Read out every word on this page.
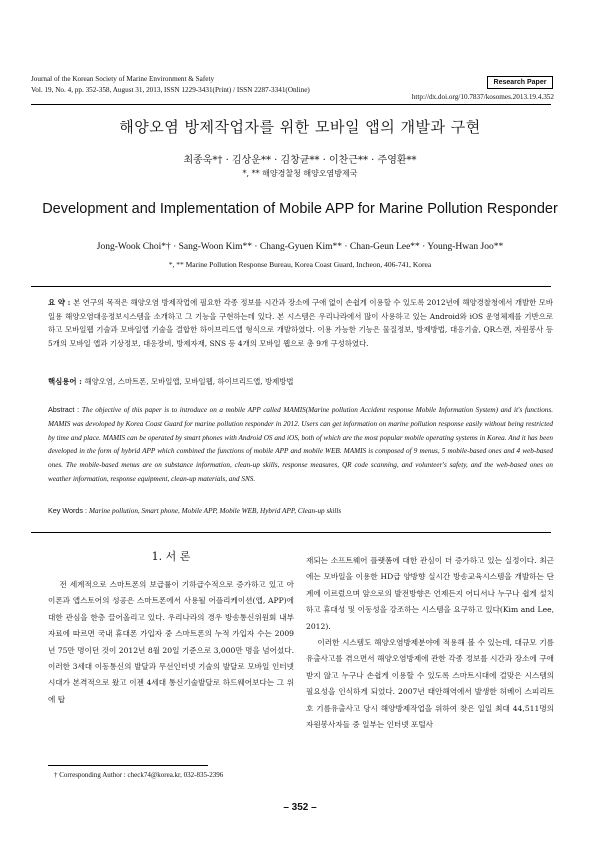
Journal of the Korean Society of Marine Environment & Safety
Vol. 19, No. 4, pp. 352-358, August 31, 2013, ISSN 1229-3431(Print) / ISSN 2287-3341(Online)
Research Paper
http://dx.doi.org/10.7837/kosomes.2013.19.4.352
해양오염 방제작업자를 위한 모바일 앱의 개발과 구현
최종욱*† · 김상운** · 김창균** · 이찬근** · 주영환**
*, ** 해양경찰청 해양오염방제국
Development and Implementation of Mobile APP for Marine Pollution Responder
Jong-Wook Choi*† · Sang-Woon Kim** · Chang-Gyuen Kim** · Chan-Geun Lee** · Young-Hwan Joo**
*, ** Marine Pollution Response Bureau, Korea Coast Guard, Incheon, 406-741, Korea
요 약 : 본 연구의 목적은 해양오염 방제작업에 필요한 각종 정보를 시간과 장소에 구애 없이 손쉽게 이용할 수 있도록 2012년에 해양경찰청에서 개발한 모바일용 해양오염대응정보시스템을 소개하고 그 기능을 구현하는데 있다. 본 시스템은 우리나라에서 많이 사용하고 있는 Android와 iOS 운영체제를 기반으로 하고 모바일웹 기술과 모바일앱 기술을 결합한 하이브리드앱 형식으로 개발하였다. 이용 가능한 기능은 물질정보, 방제방법, 대응기술, QR스캔, 자원봉사 등 5개의 모바일 앱과 기상정보, 대응장비, 방제자재, SNS 등 4개의 모바일 웹으로 총 9개 구성하였다.
핵심용어 : 해양오염, 스마트폰, 모바일앱, 모바일웹, 하이브리드앱, 방제방법
Abstract : The objective of this paper is to introduce on a mobile APP called MAMIS(Marine pollution Accident response Mobile Information System) and it's functions. MAMIS was devoloped by Korea Coast Guard for marine pollution responder in 2012. Users can get information on marine pollution response easily without being restricted by time and place. MAMIS can be operated by smart phones with Android OS and iOS, both of which are the most popular mobile operating systems in Korea. And it has been developed in the form of hybrid APP which combined the functions of mobile APP and mobile WEB. MAMIS is composed of 9 menus, 5 mobile-based ones and 4 web-based ones. The mobile-based menus are on substance information, clean-up skills, response measures, QR code scanning, and volunteer's safety, and the web-based ones on weather information, response equipment, clean-up materials, and SNS.
Key Words : Marine pollution, Smart phone, Mobile APP, Mobile WEB, Hybrid APP, Clean-up skills
1. 서 론

전 세계적으로 스마트폰의 보급률이 기하급수적으로 증가하고 있고 아이폰과 앱스토어의 성공은 스마트폰에서 사용될 어플리케이션(앱, APP)에 대한 관심을 한층 끌어올리고 있다. 우리나라의 경우 방송통신위원회 내부자료에 따르면 국내 휴대폰 가입자 중 스마트폰의 누적 가입자 수는 2009년 75만 명이던 것이 2012년 8월 20일 기준으로 3,000만 명을 넘어섰다. 이러한 3세대 이동통신의 발달과 무선인터넷 기술의 발달로 모바일 인터넷 시대가 본격적으로 왔고 이젠 4세대 통신기술발달로 하드웨어보다는 그 위에 탑

재되는 소프트웨어 플랫폼에 대한 관심이 더 증가하고 있는 실정이다. 최근에는 모바일을 이용한 HD급 양방향 실시간 방송교육시스템을 개발하는 단계에 이르렀으며 앞으로의 발전방향은 언제든지 어디서나 누구나 쉽게 설치하고 휴대성 및 이동성을 강조하는 시스템을 요구하고 있다(Kim and Lee, 2012).

이러한 시스템도 해양오염방제분야에 적용해 볼 수 있는데, 대규모 기름유출사고를 겪으면서 해양오염방제에 관한 각종 정보를 시간과 장소에 구애받지 않고 누구나 손쉽게 이용할 수 있도록 스마트시대에 걸맞은 시스템의 필요성을 인식하게 되었다. 2007년 태안해역에서 발생한 허베이 스피리트호 기름유출사고 당시 해양방제작업을 위하여 찾은 일일 최대 44,511명의 자원봉사자들 중 일부는 인터넷 포털사

† Corresponding Author : check74@korea.kr, 032-835-2396
– 352 –
